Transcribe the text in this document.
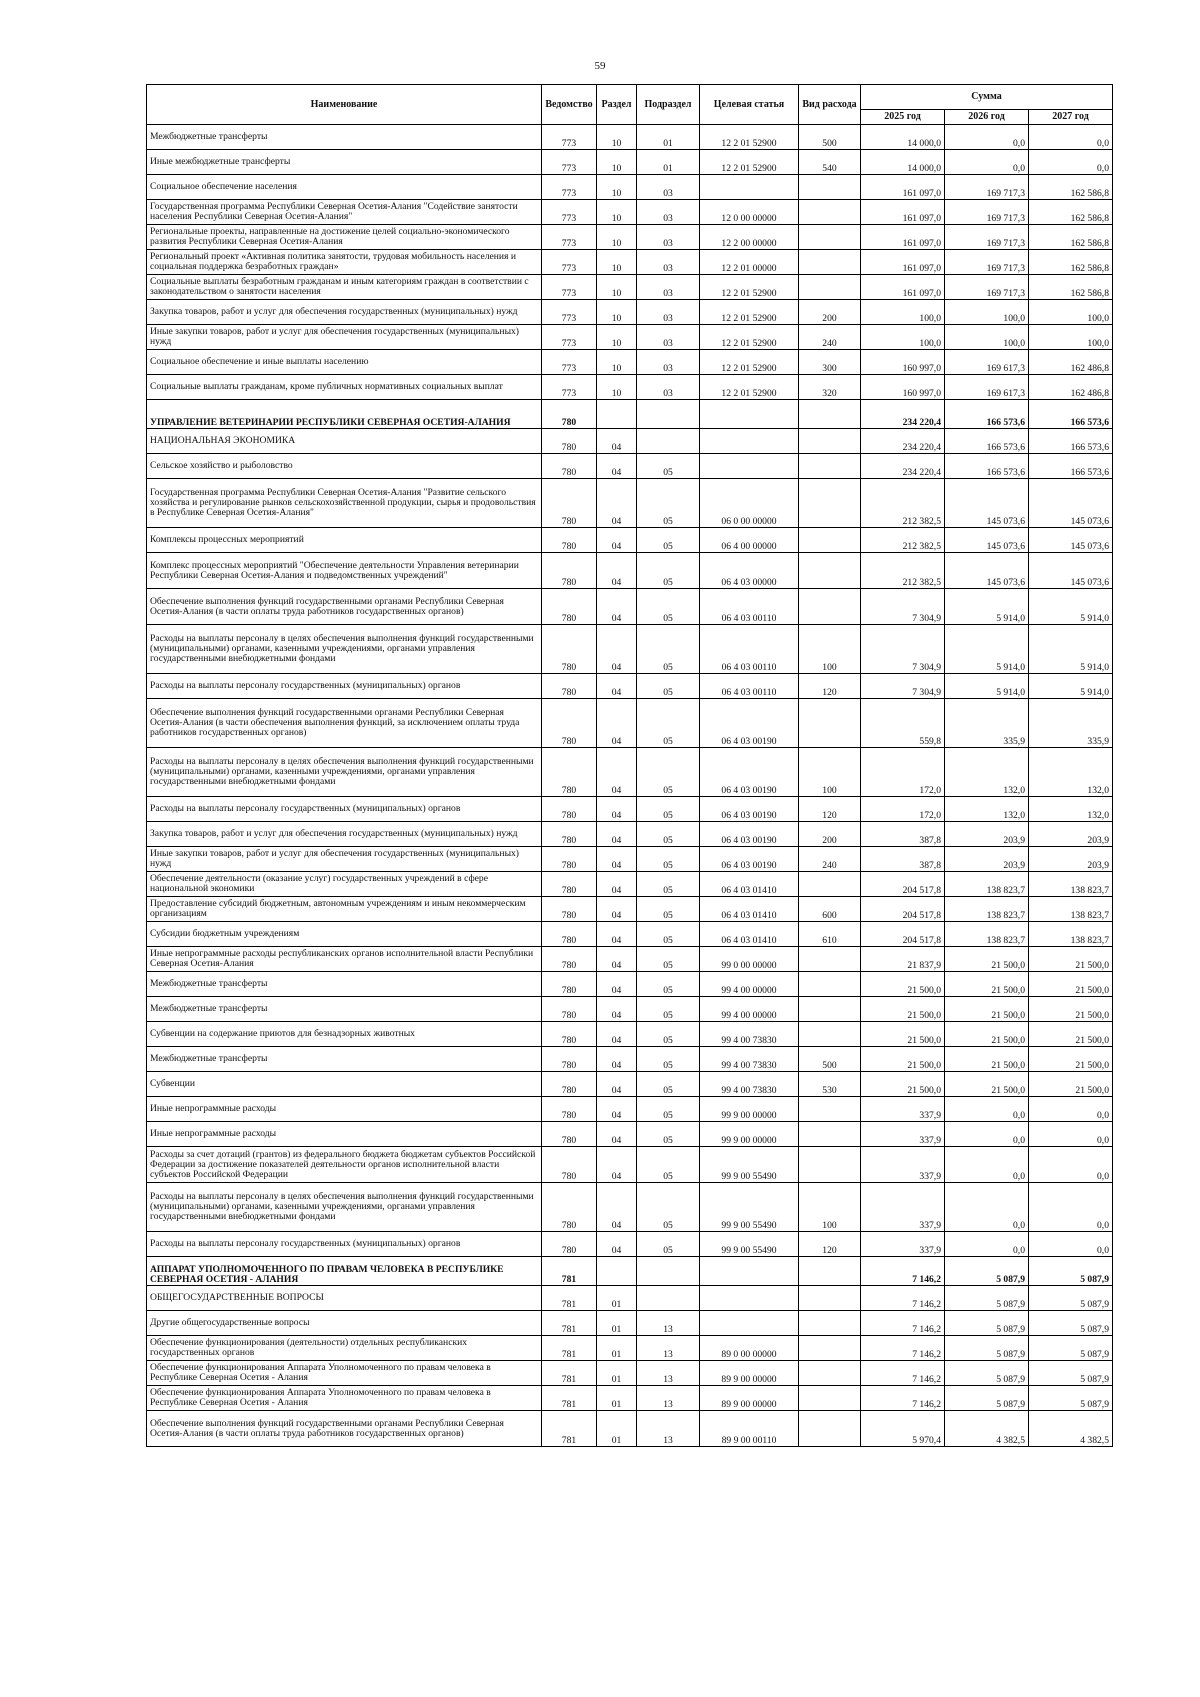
59
Наименование	Ведомство	Раздел	Подраздел	Целевая статья	Вид расхода	Сумма		
						2025 год	2026 год	2027 год
Межбюджетные трансферты	773	10	01	12 2 01 52900	500	14 000,0	0,0	0,0
Иные межбюджетные трансферты	773	10	01	12 2 01 52900	540	14 000,0	0,0	0,0
Социальное обеспечение населения	773	10	03			161 097,0	169 717,3	162 586,8
Государственная программа Республики Северная Осетия-Алания "Содействие занятости населения Республики Северная Осетия-Алания"	773	10	03	12 0 00 00000		161 097,0	169 717,3	162 586,8
Региональные проекты, направленные на достижение целей социально-экономического развития Республики Северная Осетия-Алания	773	10	03	12 2 00 00000		161 097,0	169 717,3	162 586,8
Региональный проект «Активная политика занятости, трудовая мобильность населения и социальная поддержка безработных граждан»	773	10	03	12 2 01 00000		161 097,0	169 717,3	162 586,8
Социальные выплаты безработным гражданам и иным категориям граждан в соответствии с законодательством о занятости населения	773	10	03	12 2 01 52900		161 097,0	169 717,3	162 586,8
Закупка товаров, работ и услуг для обеспечения государственных (муниципальных) нужд	773	10	03	12 2 01 52900	200	100,0	100,0	100,0
Иные закупки товаров, работ и услуг для обеспечения государственных (муниципальных) нужд	773	10	03	12 2 01 52900	240	100,0	100,0	100,0
Социальное обеспечение и иные выплаты населению	773	10	03	12 2 01 52900	300	160 997,0	169 617,3	162 486,8
Социальные выплаты гражданам, кроме публичных нормативных социальных выплат	773	10	03	12 2 01 52900	320	160 997,0	169 617,3	162 486,8
УПРАВЛЕНИЕ ВЕТЕРИНАРИИ РЕСПУБЛИКИ СЕВЕРНАЯ ОСЕТИЯ-АЛАНИЯ	780					234 220,4	166 573,6	166 573,6
НАЦИОНАЛЬНАЯ ЭКОНОМИКА	780	04				234 220,4	166 573,6	166 573,6
Сельское хозяйство и рыболовство	780	04	05			234 220,4	166 573,6	166 573,6
Государственная программа Республики Северная Осетия-Алания "Развитие сельского хозяйства и регулирование рынков сельскохозяйственной продукции, сырья и продовольствия в Республике Северная Осетия-Алания"	780	04	05	06 0 00 00000		212 382,5	145 073,6	145 073,6
Комплексы процессных мероприятий	780	04	05	06 4 00 00000		212 382,5	145 073,6	145 073,6
Комплекс процессных мероприятий "Обеспечение деятельности Управления ветеринарии Республики Северная Осетия-Алания и подведомственных учреждений"	780	04	05	06 4 03 00000		212 382,5	145 073,6	145 073,6
Обеспечение выполнения функций государственными органами Республики Северная Осетия-Алания (в части оплаты труда работников государственных органов)	780	04	05	06 4 03 00110		7 304,9	5 914,0	5 914,0
Расходы на выплаты персоналу в целях обеспечения выполнения функций государственными (муниципальными) органами, казенными учреждениями, органами управления государственными внебюджетными фондами	780	04	05	06 4 03 00110	100	7 304,9	5 914,0	5 914,0
Расходы на выплаты персоналу государственных (муниципальных) органов	780	04	05	06 4 03 00110	120	7 304,9	5 914,0	5 914,0
Обеспечение выполнения функций государственными органами Республики Северная Осетия-Алания (в части обеспечения выполнения функций, за исключением оплаты труда работников государственных органов)	780	04	05	06 4 03 00190		559,8	335,9	335,9
Расходы на выплаты персоналу в целях обеспечения выполнения функций государственными (муниципальными) органами, казенными учреждениями, органами управления государственными внебюджетными фондами	780	04	05	06 4 03 00190	100	172,0	132,0	132,0
Расходы на выплаты персоналу государственных (муниципальных) органов	780	04	05	06 4 03 00190	120	172,0	132,0	132,0
Закупка товаров, работ и услуг для обеспечения государственных (муниципальных) нужд	780	04	05	06 4 03 00190	200	387,8	203,9	203,9
Иные закупки товаров, работ и услуг для обеспечения государственных (муниципальных) нужд	780	04	05	06 4 03 00190	240	387,8	203,9	203,9
Обеспечение деятельности (оказание услуг) государственных учреждений в сфере национальной экономики	780	04	05	06 4 03 01410		204 517,8	138 823,7	138 823,7
Предоставление субсидий бюджетным, автономным учреждениям и иным некоммерческим организациям	780	04	05	06 4 03 01410	600	204 517,8	138 823,7	138 823,7
Субсидии бюджетным учреждениям	780	04	05	06 4 03 01410	610	204 517,8	138 823,7	138 823,7
Иные непрограммные расходы республиканских органов исполнительной власти Республики Северная Осетия-Алания	780	04	05	99 0 00 00000		21 837,9	21 500,0	21 500,0
Межбюджетные трансферты	780	04	05	99 4 00 00000		21 500,0	21 500,0	21 500,0
Межбюджетные трансферты	780	04	05	99 4 00 00000		21 500,0	21 500,0	21 500,0
Субвенции на содержание приютов для безнадзорных животных	780	04	05	99 4 00 73830		21 500,0	21 500,0	21 500,0
Межбюджетные трансферты	780	04	05	99 4 00 73830	500	21 500,0	21 500,0	21 500,0
Субвенции	780	04	05	99 4 00 73830	530	21 500,0	21 500,0	21 500,0
Иные непрограммные расходы	780	04	05	99 9 00 00000		337,9	0,0	0,0
Иные непрограммные расходы	780	04	05	99 9 00 00000		337,9	0,0	0,0
Расходы за счет дотаций (грантов) из федерального бюджета бюджетам субъектов Российской Федерации за достижение показателей деятельности органов исполнительной власти субъектов Российской Федерации	780	04	05	99 9 00 55490		337,9	0,0	0,0
Расходы на выплаты персоналу в целях обеспечения выполнения функций государственными (муниципальными) органами, казенными учреждениями, органами управления государственными внебюджетными фондами	780	04	05	99 9 00 55490	100	337,9	0,0	0,0
Расходы на выплаты персоналу государственных (муниципальных) органов	780	04	05	99 9 00 55490	120	337,9	0,0	0,0
АППАРАТ УПОЛНОМОЧЕННОГО ПО ПРАВАМ ЧЕЛОВЕКА В РЕСПУБЛИКЕ СЕВЕРНАЯ ОСЕТИЯ - АЛАНИЯ	781					7 146,2	5 087,9	5 087,9
ОБЩЕГОСУДАРСТВЕННЫЕ ВОПРОСЫ	781	01				7 146,2	5 087,9	5 087,9
Другие общегосударственные вопросы	781	01	13			7 146,2	5 087,9	5 087,9
Обеспечение функционирования (деятельности) отдельных республиканских государственных органов	781	01	13	89 0 00 00000		7 146,2	5 087,9	5 087,9
Обеспечение функционирования Аппарата Уполномоченного по правам человека в Республике Северная Осетия - Алания	781	01	13	89 9 00 00000		7 146,2	5 087,9	5 087,9
Обеспечение функционирования Аппарата Уполномоченного по правам человека в Республике Северная Осетия - Алания	781	01	13	89 9 00 00000		7 146,2	5 087,9	5 087,9
Обеспечение выполнения функций государственными органами Республики Северная Осетия-Алания (в части оплаты труда работников государственных органов)	781	01	13	89 9 00 00110		5 970,4	4 382,5	4 382,5
